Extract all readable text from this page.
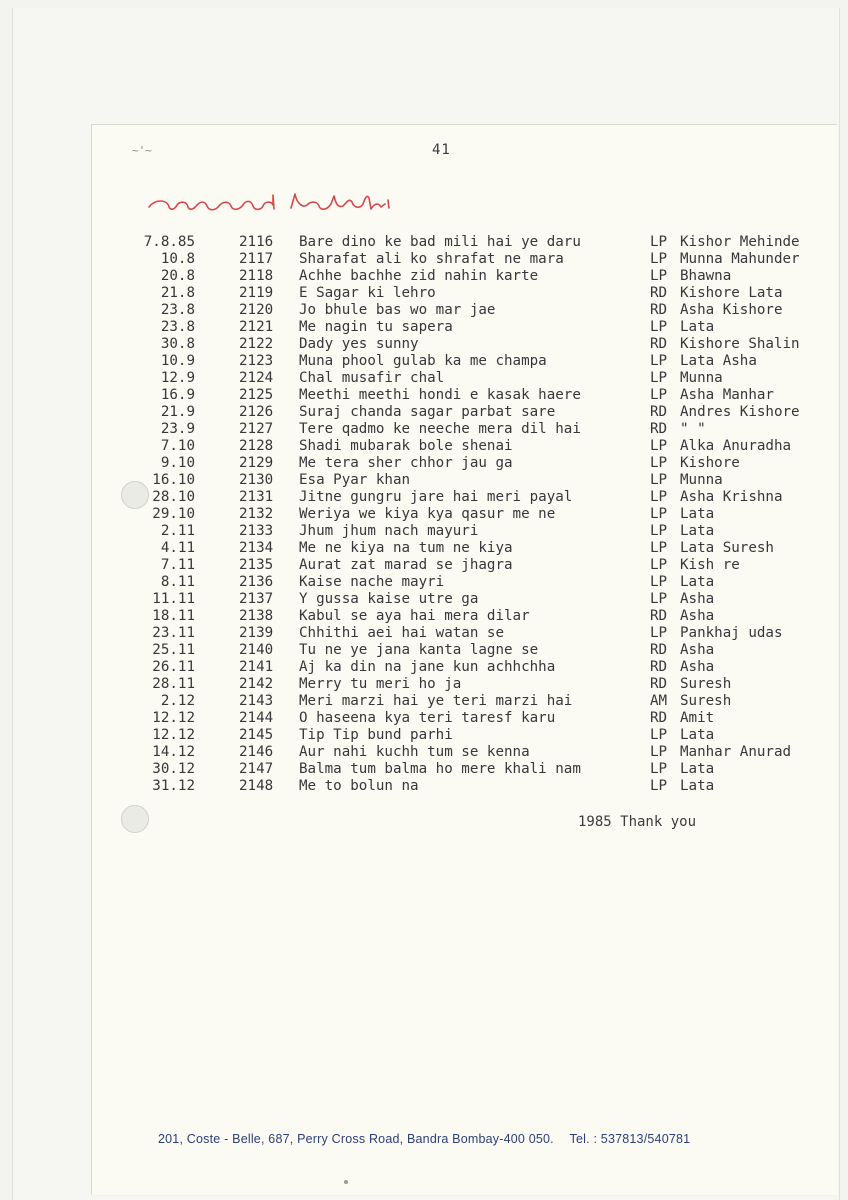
~'~	41
7.8.85	2116 Bare dino ke bad mili hai ye daru	LP Kishor Mehinde
10.8	2117 Sharafat ali ko shrafat ne mara	LP Munna Mahunder
20.8	2118 Achhe bachhe zid nahin karte	LP Bhawna
21.8	2119 E Sagar ki lehro	RD Kishore Lata
23.8	2120 Jo bhule bas wo mar jae	RD Asha Kishore
23.8	2121 Me nagin tu sapera	LP Lata
30.8	2122 Dady yes sunny	RD Kishore Shalin
10.9	2123 Muna phool gulab ka me champa	LP Lata Asha
12.9	2124 Chal musafir chal	LP Munna
16.9	2125 Meethi meethi hondi e kasak haere	LP Asha Manhar
21.9	2126 Suraj chanda sagar parbat sare	RD Andres Kishore
23.9	2127 Tere qadmo ke neeche mera dil hai	RD " "
7.10	2128 Shadi mubarak bole shenai	LP Alka Anuradha
9.10	2129 Me tera sher chhor jau ga	LP Kishore
16.10	2130 Esa Pyar khan	LP Munna
28.10	2131 Jitne gungru jare hai meri payal	LP Asha Krishna
29.10	2132 Weriya we kiya kya qasur me ne	LP Lata
2.11	2133 Jhum jhum nach mayuri	LP Lata
4.11	2134 Me ne kiya na tum ne kiya	LP Lata Suresh
7.11	2135 Aurat zat marad se jhagra	LP Kish re
8.11	2136 Kaise nache mayri	LP Lata
11.11	2137 Y gussa kaise utre ga	LP Asha
18.11	2138 Kabul se aya hai mera dilar	RD Asha
23.11	2139 Chhithi aei hai watan se	LP Pankhaj udas
25.11	2140 Tu ne ye jana kanta lagne se	RD Asha
26.11	2141 Aj ka din na jane kun achhchha	RD Asha
28.11	2142 Merry tu meri ho ja	RD Suresh
2.12	2143 Meri marzi hai ye teri marzi hai	AM Suresh
12.12	2144 O haseena kya teri taresf karu	RD Amit
12.12	2145 Tip Tip bund parhi	LP Lata
14.12	2146 Aur nahi kuchh tum se kenna	LP Manhar Anurad
30.12	2147 Balma tum balma ho mere khali nam	LP Lata
31.12	2148 Me to bolun na	LP Lata
1985 Thank you
201, Coste - Belle, 687, Perry Cross Road, Bandra Bombay-400 050. Tel. : 537813/540781
